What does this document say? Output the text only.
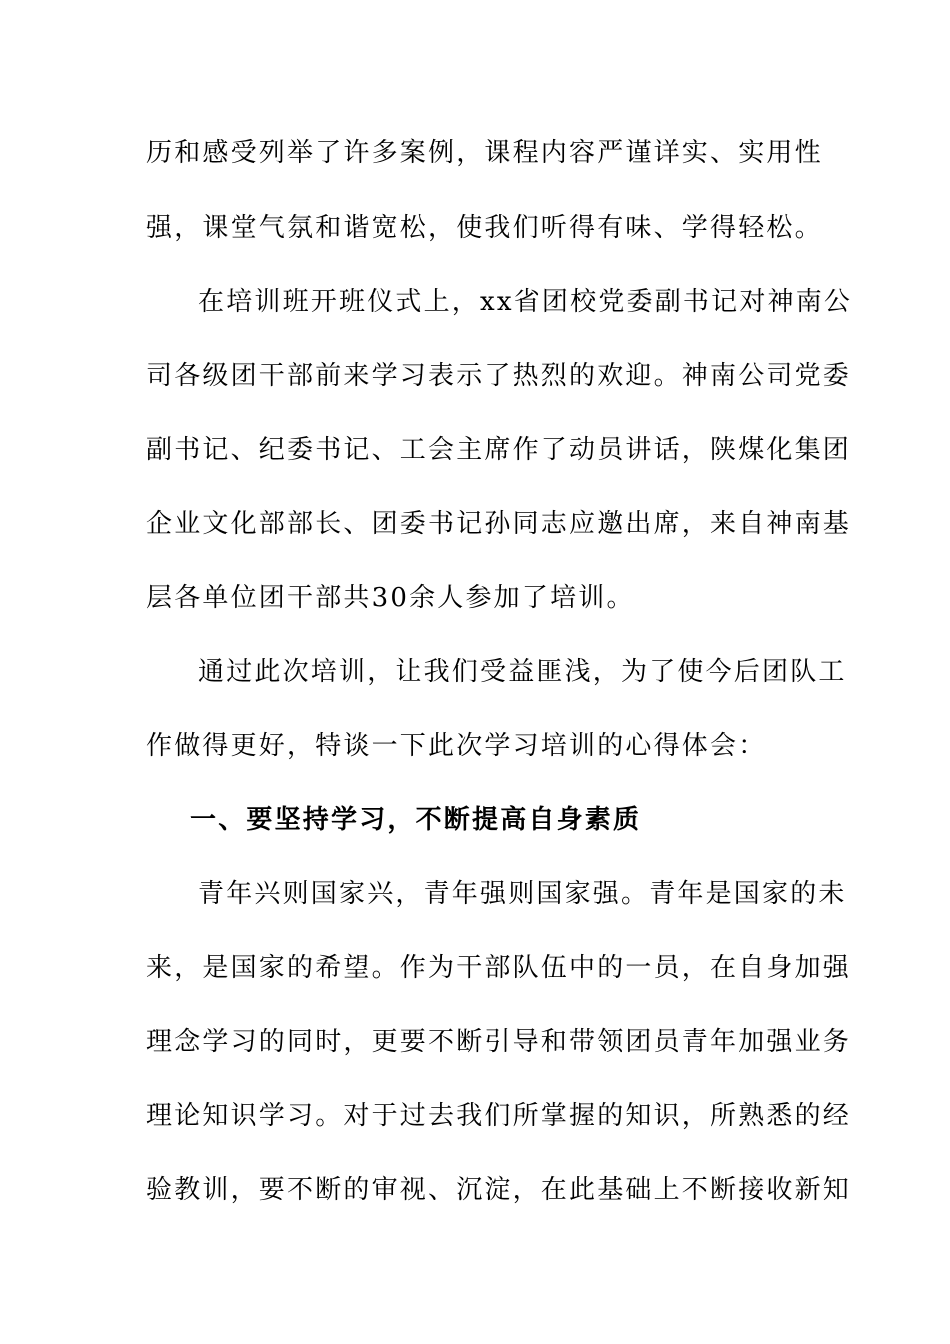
历和感受列举了许多案例，课程内容严谨详实、实用性
强，课堂气氛和谐宽松，使我们听得有味、学得轻松。
在培训班开班仪式上，xx省团校党委副书记对神南公
司各级团干部前来学习表示了热烈的欢迎。神南公司党委
副书记、纪委书记、工会主席作了动员讲话，陕煤化集团
企业文化部部长、团委书记孙同志应邀出席，来自神南基
层各单位团干部共30余人参加了培训。
通过此次培训，让我们受益匪浅，为了使今后团队工
作做得更好，特谈一下此次学习培训的心得体会：
一、要坚持学习，不断提高自身素质
青年兴则国家兴，青年强则国家强。青年是国家的未
来，是国家的希望。作为干部队伍中的一员，在自身加强
理念学习的同时，更要不断引导和带领团员青年加强业务
理论知识学习。对于过去我们所掌握的知识，所熟悉的经
验教训，要不断的审视、沉淀，在此基础上不断接收新知
